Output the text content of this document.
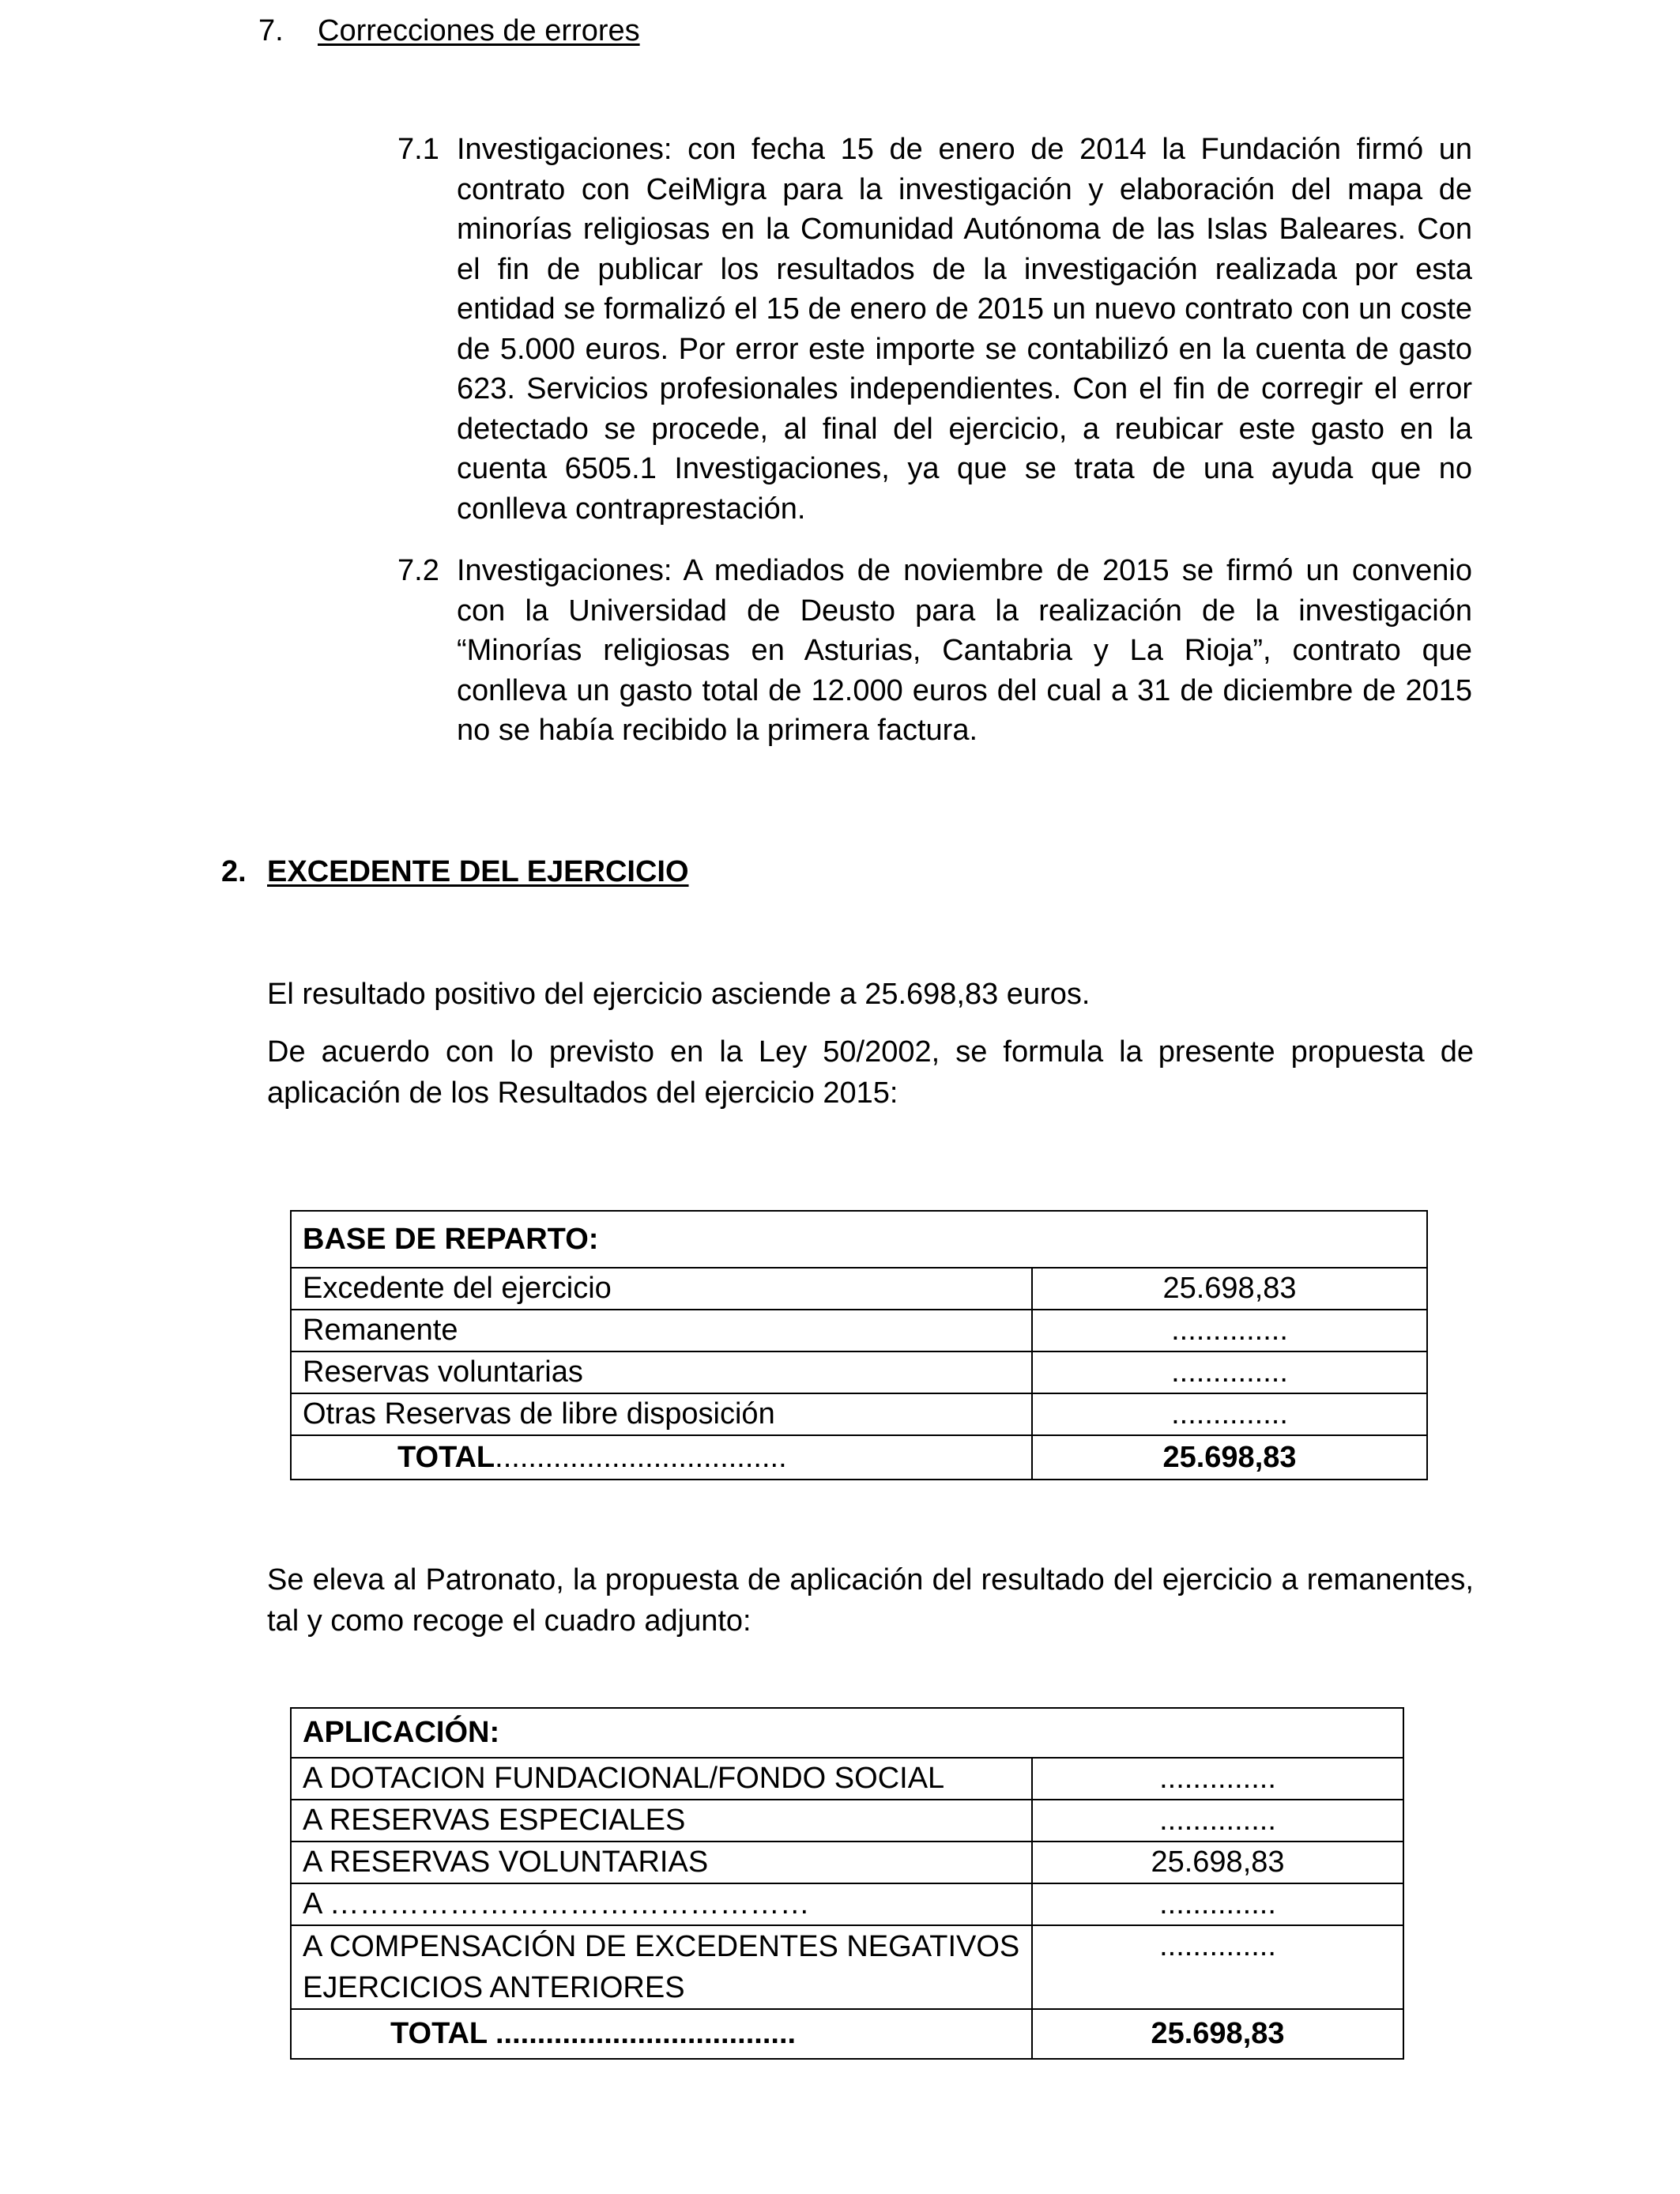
7. Correcciones de errores
7.1 Investigaciones: con fecha 15 de enero de 2014 la Fundación firmó un contrato con CeiMigra para la investigación y elaboración del mapa de minorías religiosas en la Comunidad Autónoma de las Islas Baleares. Con el fin de publicar los resultados de la investigación realizada por esta entidad se formalizó el 15 de enero de 2015 un nuevo contrato con un coste de 5.000 euros. Por error este importe se contabilizó en la cuenta de gasto 623. Servicios profesionales independientes. Con el fin de corregir el error detectado se procede, al final del ejercicio, a reubicar este gasto en la cuenta 6505.1 Investigaciones, ya que se trata de una ayuda que no conlleva contraprestación.
7.2 Investigaciones: A mediados de noviembre de 2015 se firmó un convenio con la Universidad de Deusto para la realización de la investigación “Minorías religiosas en Asturias, Cantabria y La Rioja”, contrato que conlleva un gasto total de 12.000 euros del cual a 31 de diciembre de 2015 no se había recibido la primera factura.
2. EXCEDENTE DEL EJERCICIO
El resultado positivo del ejercicio asciende a 25.698,83 euros.
De acuerdo con lo previsto en la Ley 50/2002, se formula la presente propuesta de aplicación de los Resultados del ejercicio 2015:
BASE DE REPARTO:	
Excedente del ejercicio	25.698,83
Remanente	..............
Reservas voluntarias	..............
Otras Reservas de libre disposición	..............
TOTAL...................................	25.698,83
Se eleva al Patronato, la propuesta de aplicación del resultado del ejercicio a remanentes, tal y como recoge el cuadro adjunto:
APLICACIÓN:	
A DOTACION FUNDACIONAL/FONDO SOCIAL	..............
A RESERVAS ESPECIALES	..............
A RESERVAS VOLUNTARIAS	25.698,83
A …………………………………………	..............
A COMPENSACIÓN DE EXCEDENTES NEGATIVOS EJERCICIOS ANTERIORES	..............
TOTAL ....................................	25.698,83
